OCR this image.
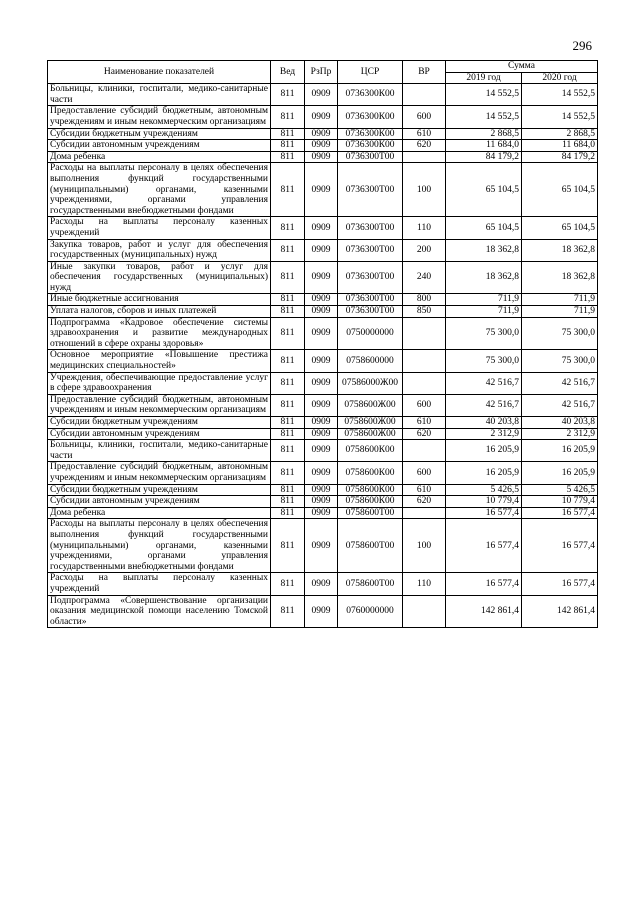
296
Наименование показателей	Вед	РзПр	ЦСР	ВР	Сумма	
					2019 год	2020 год
Больницы, клиники, госпитали, медико-санитарные части	811	0909	0736300К00		14 552,5	14 552,5
Предоставление субсидий бюджетным, автономным учреждениям и иным некоммерческим организациям	811	0909	0736300К00	600	14 552,5	14 552,5
Субсидии бюджетным учреждениям	811	0909	0736300К00	610	2 868,5	2 868,5
Субсидии автономным учреждениям	811	0909	0736300К00	620	11 684,0	11 684,0
Дома ребенка	811	0909	0736300Т00		84 179,2	84 179,2
Расходы на выплаты персоналу в целях обеспечения выполнения функций государственными (муниципальными) органами, казенными учреждениями, органами управления государственными внебюджетными фондами	811	0909	0736300Т00	100	65 104,5	65 104,5
Расходы на выплаты персоналу казенных учреждений	811	0909	0736300Т00	110	65 104,5	65 104,5
Закупка товаров, работ и услуг для обеспечения государственных (муниципальных) нужд	811	0909	0736300Т00	200	18 362,8	18 362,8
Иные закупки товаров, работ и услуг для обеспечения государственных (муниципальных) нужд	811	0909	0736300Т00	240	18 362,8	18 362,8
Иные бюджетные ассигнования	811	0909	0736300Т00	800	711,9	711,9
Уплата налогов, сборов и иных платежей	811	0909	0736300Т00	850	711,9	711,9
Подпрограмма «Кадровое обеспечение системы здравоохранения и развитие международных отношений в сфере охраны здоровья»	811	0909	0750000000		75 300,0	75 300,0
Основное мероприятие «Повышение престижа медицинских специальностей»	811	0909	0758600000		75 300,0	75 300,0
Учреждения, обеспечивающие предоставление услуг в сфере здравоохранения	811	0909	07586000Ж00		42 516,7	42 516,7
Предоставление субсидий бюджетным, автономным учреждениям и иным некоммерческим организациям	811	0909	0758600Ж00	600	42 516,7	42 516,7
Субсидии бюджетным учреждениям	811	0909	0758600Ж00	610	40 203,8	40 203,8
Субсидии автономным учреждениям	811	0909	0758600Ж00	620	2 312,9	2 312,9
Больницы, клиники, госпитали, медико-санитарные части	811	0909	0758600К00		16 205,9	16 205,9
Предоставление субсидий бюджетным, автономным учреждениям и иным некоммерческим организациям	811	0909	0758600К00	600	16 205,9	16 205,9
Субсидии бюджетным учреждениям	811	0909	0758600К00	610	5 426,5	5 426,5
Субсидии автономным учреждениям	811	0909	0758600К00	620	10 779,4	10 779,4
Дома ребенка	811	0909	0758600Т00		16 577,4	16 577,4
Расходы на выплаты персоналу в целях обеспечения выполнения функций государственными (муниципальными) органами, казенными учреждениями, органами управления государственными внебюджетными фондами	811	0909	0758600Т00	100	16 577,4	16 577,4
Расходы на выплаты персоналу казенных учреждений	811	0909	0758600Т00	110	16 577,4	16 577,4
Подпрограмма «Совершенствование организации оказания медицинской помощи населению Томской области»	811	0909	0760000000		142 861,4	142 861,4
